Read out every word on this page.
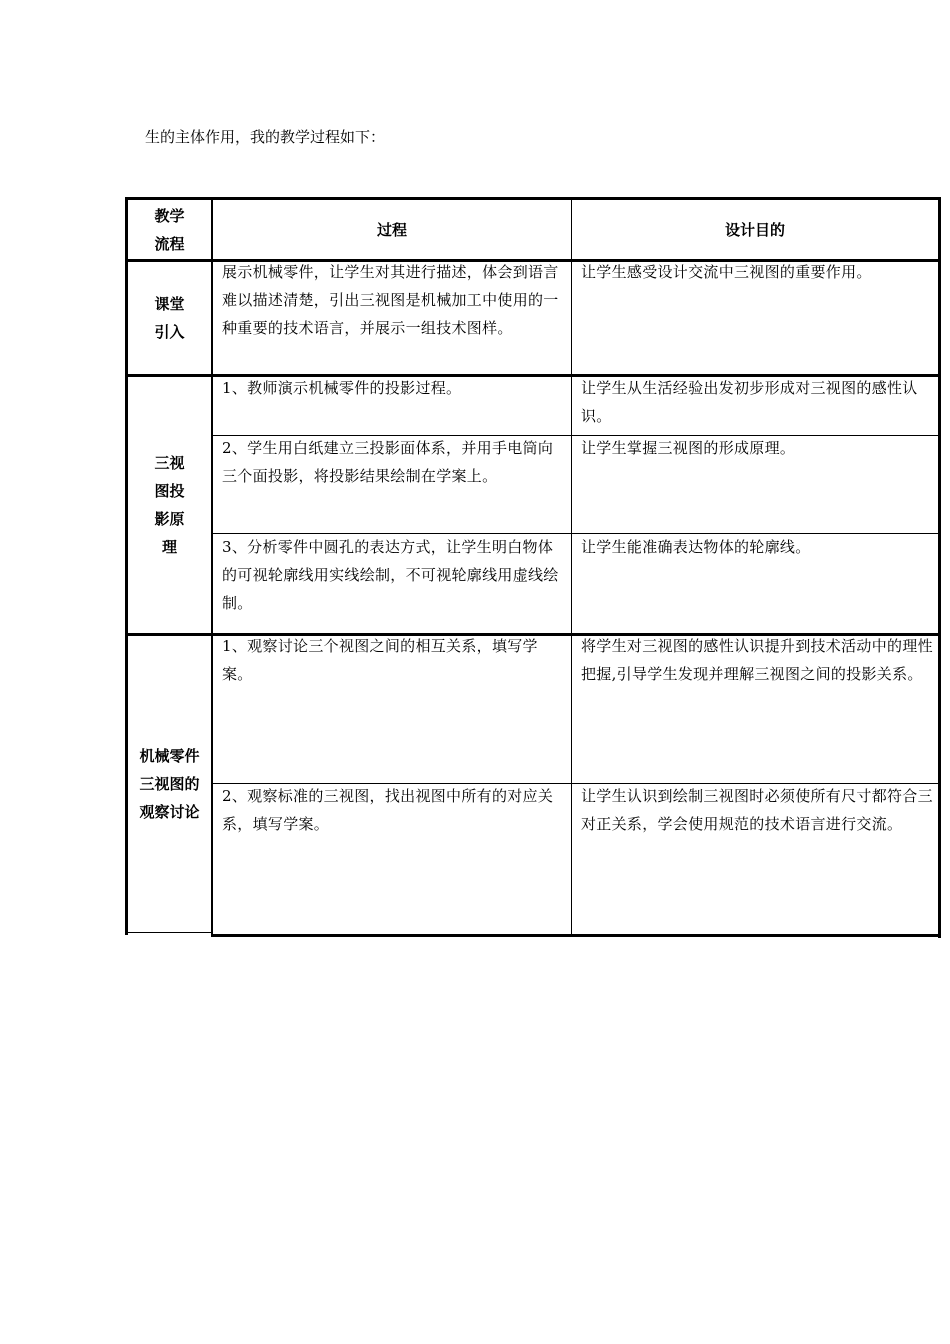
生的主体作用，我的教学过程如下：
教学
流程
过程	设计目的
课堂
引入
展示机械零件，让学生对其进行描述，体会到语言难以描述清楚，引出三视图是机械加工中使用的一种重要的技术语言，并展示一组技术图样。
让学生感受设计交流中三视图的重要作用。
三视
图投
影原
理
1、教师演示机械零件的投影过程。	让学生从生活经验出发初步形成对三视图的感性认识。
2、学生用白纸建立三投影面体系，并用手电筒向三个面投影，将投影结果绘制在学案上。
让学生掌握三视图的形成原理。
3、分析零件中圆孔的表达方式，让学生明白物体的可视轮廓线用实线绘制，不可视轮廓线用虚线绘制。
让学生能准确表达物体的轮廓线。
机械零件
三视图的
观察讨论
1、观察讨论三个视图之间的相互关系，填写学案。
将学生对三视图的感性认识提升到技术活动中的理性把握,引导学生发现并理解三视图之间的投影关系。
2、观察标准的三视图，找出视图中所有的对应关系，填写学案。
让学生认识到绘制三视图时必须使所有尺寸都符合三对正关系，学会使用规范的技术语言进行交流。
